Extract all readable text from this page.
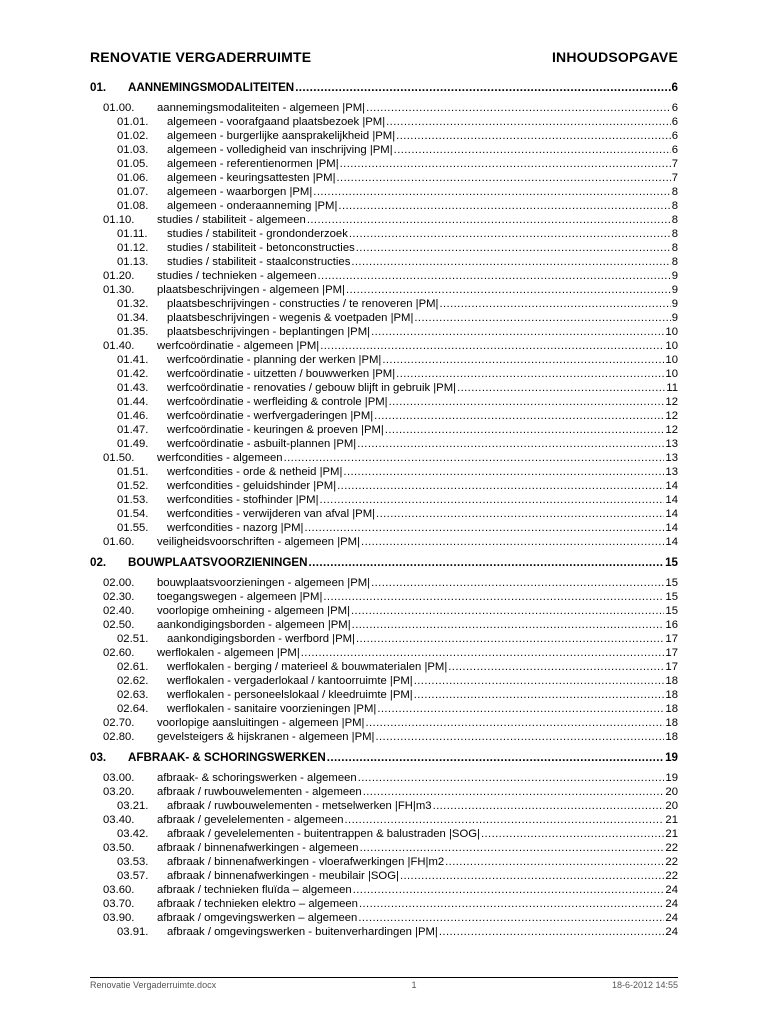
RENOVATIE VERGADERRUIMTE	INHOUDSOPGAVE
01.	AANNEMINGSMODALITEITEN .....	6
01.00.	aannemingsmodaliteiten - algemeen |PM| .....	6
01.01.	algemeen - voorafgaand plaatsbezoek |PM| .....	6
01.02.	algemeen - burgerlijke aansprakelijkheid |PM| .....	6
01.03.	algemeen - volledigheid van inschrijving |PM| .....	6
01.05.	algemeen - referentienormen |PM| .....	7
01.06.	algemeen - keuringsattesten |PM| .....	7
01.07.	algemeen - waarborgen |PM| .....	8
01.08.	algemeen - onderaanneming |PM| .....	8
01.10.	studies / stabiliteit - algemeen .....	8
01.11.	studies / stabiliteit - grondonderzoek .....	8
01.12.	studies / stabiliteit - betonconstructies .....	8
01.13.	studies / stabiliteit - staalconstructies .....	8
01.20.	studies / technieken - algemeen .....	9
01.30.	plaatsbeschrijvingen - algemeen |PM| .....	9
01.32.	plaatsbeschrijvingen - constructies / te renoveren |PM| .....	9
01.34.	plaatsbeschrijvingen - wegenis & voetpaden |PM| .....	9
01.35.	plaatsbeschrijvingen - beplantingen |PM| .....	10
01.40.	werfcoördinatie - algemeen |PM| .....	10
01.41.	werfcoördinatie - planning der werken |PM| .....	10
01.42.	werfcoördinatie - uitzetten / bouwwerken |PM| .....	10
01.43.	werfcoördinatie - renovaties / gebouw blijft in gebruik |PM| .....	11
01.44.	werfcoördinatie - werfleiding & controle |PM| .....	12
01.46.	werfcoördinatie - werfvergaderingen |PM| .....	12
01.47.	werfcoördinatie - keuringen & proeven |PM| .....	12
01.49.	werfcoördinatie - asbuilt-plannen |PM| .....	13
01.50.	werfcondities - algemeen .....	13
01.51.	werfcondities - orde & netheid |PM| .....	13
01.52.	werfcondities - geluidshinder |PM| .....	14
01.53.	werfcondities - stofhinder |PM| .....	14
01.54.	werfcondities - verwijderen van afval |PM| .....	14
01.55.	werfcondities - nazorg |PM| .....	14
01.60.	veiligheidsvoorschriften - algemeen |PM| .....	14
02.	BOUWPLAATSVOORZIENINGEN .....	15
02.00.	bouwplaatsvoorzieningen - algemeen |PM| .....	15
02.30.	toegangswegen - algemeen |PM| .....	15
02.40.	voorlopige omheining - algemeen |PM| .....	15
02.50.	aankondigingsborden - algemeen |PM| .....	16
02.51.	aankondigingsborden - werfbord |PM| .....	17
02.60.	werflokalen - algemeen |PM| .....	17
02.61.	werflokalen - berging / materieel & bouwmaterialen |PM| .....	17
02.62.	werflokalen - vergaderlokaal / kantoorruimte |PM| .....	18
02.63.	werflokalen - personeelslokaal / kleedruimte |PM| .....	18
02.64.	werflokalen - sanitaire voorzieningen |PM| .....	18
02.70.	voorlopige aansluitingen - algemeen |PM| .....	18
02.80.	gevelsteigers & hijskranen - algemeen |PM| .....	18
03.	AFBRAAK- & SCHORINGSWERKEN .....	19
03.00.	afbraak- & schoringswerken - algemeen .....	19
03.20.	afbraak / ruwbouwelementen - algemeen .....	20
03.21.	afbraak / ruwbouwelementen - metselwerken |FH|m3 .....	20
03.40.	afbraak / gevelelementen - algemeen .....	21
03.42.	afbraak / gevelelementen - buitentrappen & balustraden |SOG| .....	21
03.50.	afbraak / binnenafwerkingen - algemeen .....	22
03.53.	afbraak / binnenafwerkingen - vloerafwerkingen |FH|m2 .....	22
03.57.	afbraak / binnenafwerkingen - meubilair |SOG| .....	22
03.60.	afbraak / technieken fluïda – algemeen .....	24
03.70.	afbraak / technieken elektro – algemeen .....	24
03.90.	afbraak / omgevingswerken – algemeen .....	24
03.91.	afbraak / omgevingswerken - buitenverhardingen |PM| .....	24
Renovatie Vergaderruimte.docx	1	18-6-2012 14:55
